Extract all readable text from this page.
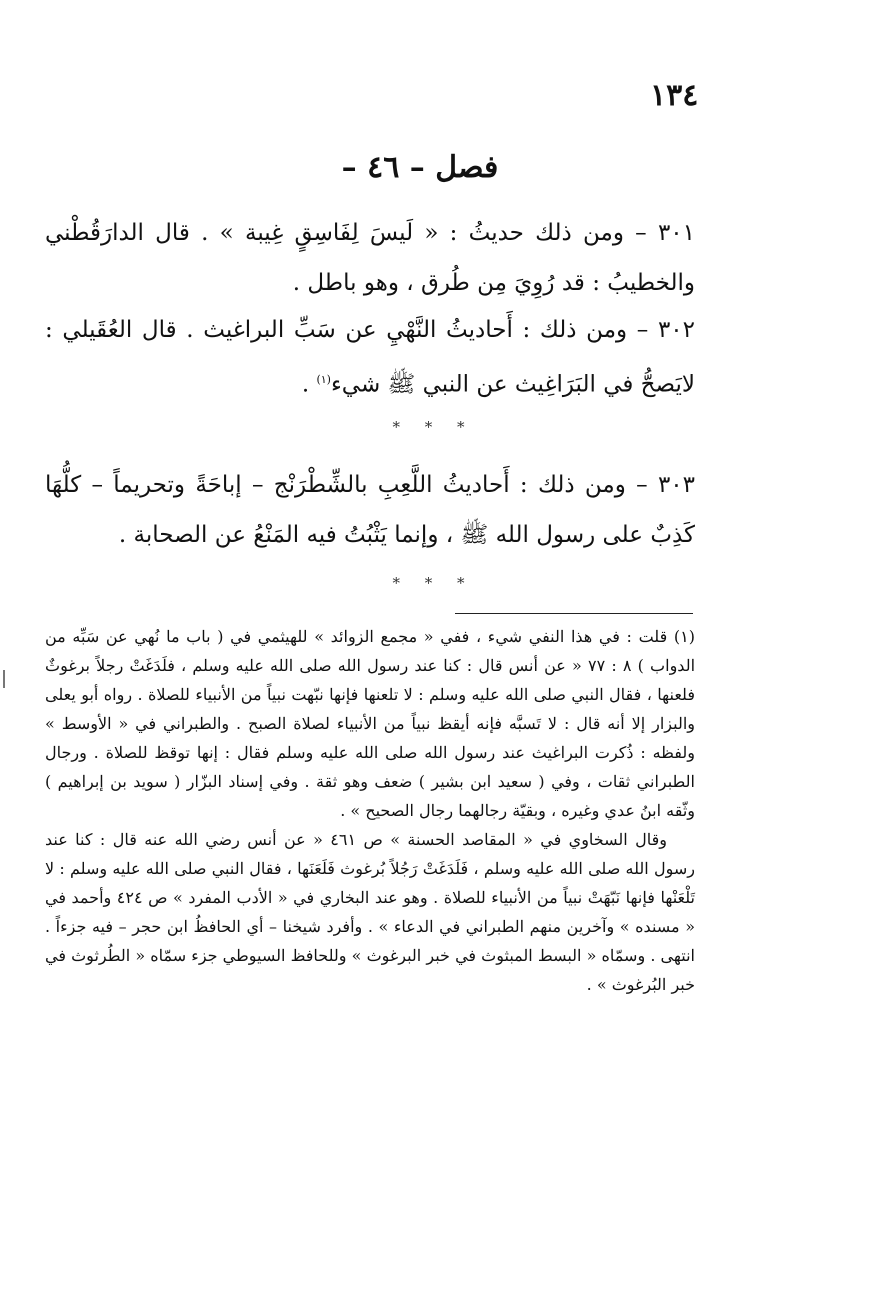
١٣٤
فصل – ٤٦ –
٣٠١ – ومن ذلك حديثُ : « لَيسَ لِفَاسِقٍ غِيبة » . قال الدارَقُطْني والخطيبُ : قد رُوِيَ مِن طُرق ، وهو باطل .
٣٠٢ – ومن ذلك : أَحاديثُ النَّهْيِ عن سَبِّ البراغيث . قال العُقَيلي : لايَصحُّ في البَرَاغِيث عن النبي ﷺ شيء$^{(١)}$ .
* * *
٣٠٣ – ومن ذلك : أَحاديثُ اللَّعِبِ بالشِّطْرَنْج – إباحَةً وتحريماً – كلُّهَا كَذِبٌ على رسول الله ﷺ ، وإنما يَثْبُتُ فيه المَنْعُ عن الصحابة .
* * *

(١) قلت : في هذا النفي شيء ، ففي « مجمع الزوائد » للهيثمي في ( باب ما نُهي عن سَبِّه من الدواب ) ٨ : ٧٧ « عن أنس قال : كنا عند رسول الله صلى الله عليه وسلم ، فلَدَغَتْ رجلاً برغوثٌ فلعنها ، فقال النبي صلى الله عليه وسلم : لا تلعنها فإنها نبّهت نبياً من الأنبياء للصلاة . رواه أبو يعلى والبزار إلا أنه قال : لا تَسبَّه فإنه أيقظ نبياً من الأنبياء لصلاة الصبح . والطبراني في « الأوسط » ولفظه : ذُكرت البراغيث عند رسول الله صلى الله عليه وسلم فقال : إنها توقظ للصلاة . ورجال الطبراني ثقات ، وفي ( سعيد ابن بشير ) ضعف وهو ثقة . وفي إسناد البزّار ( سويد بن إبراهيم ) وثّقه ابنُ عدي وغيره ، وبقيّة رجالهما رجال الصحيح » .

وقال السخاوي في « المقاصد الحسنة » ص ٤٦١ « عن أنس رضي الله عنه قال : كنا عند رسول الله صلى الله عليه وسلم ، فَلَدَغَتْ رَجُلاً بُرغوث فَلَعَنَها ، فقال النبي صلى الله عليه وسلم : لا تَلْعَنْها فإنها نَبّهَتْ نبياً من الأنبياء للصلاة . وهو عند البخاري في « الأدب المفرد » ص ٤٢٤ وأحمد في « مسنده » وآخرين منهم الطبراني في الدعاء » . وأفرد شيخنا – أي الحافظُ ابن حجر – فيه جزءاً . انتهى . وسمّاه « البسط المبثوث في خبر البرغوث » وللحافظ السيوطي جزء سمّاه « الطُرثوث في خبر البُرغوث » .
